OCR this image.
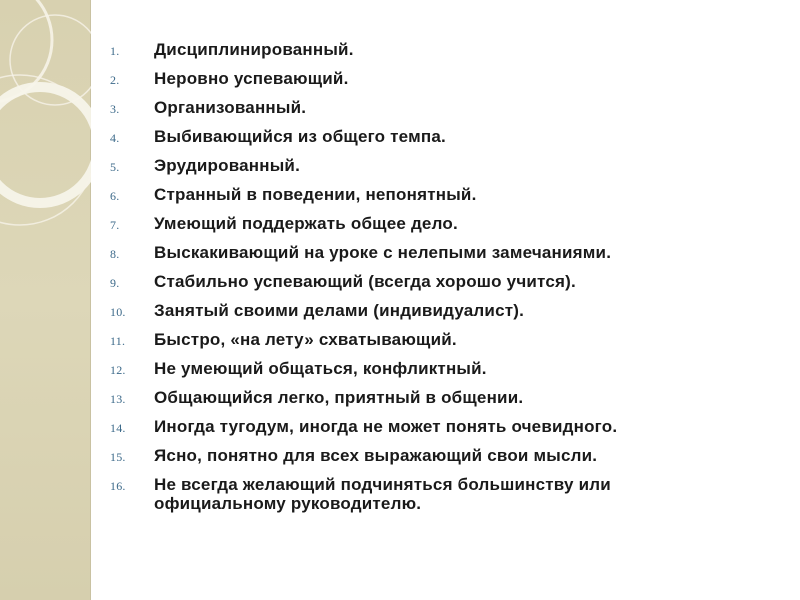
1.	Дисциплинированный.
2.	Неровно успевающий.
3.	Организованный.
4.	Выбивающийся из общего темпа.
5.	Эрудированный.
6.	Странный в поведении, непонятный.
7.	Умеющий поддержать общее дело.
8.	Выскакивающий на уроке с нелепыми замечаниями.
9.	Стабильно успевающий (всегда хорошо учится).
10.	Занятый своими делами (индивидуалист).
11.	Быстро, «на лету» схватывающий.
12.	Не умеющий общаться, конфликтный.
13.	Общающийся легко, приятный в общении.
14.	Иногда тугодум, иногда не может понять очевидного.
15.	Ясно, понятно для всех выражающий свои мысли.
16.	Не всегда желающий подчиняться большинству или официальному руководителю.
